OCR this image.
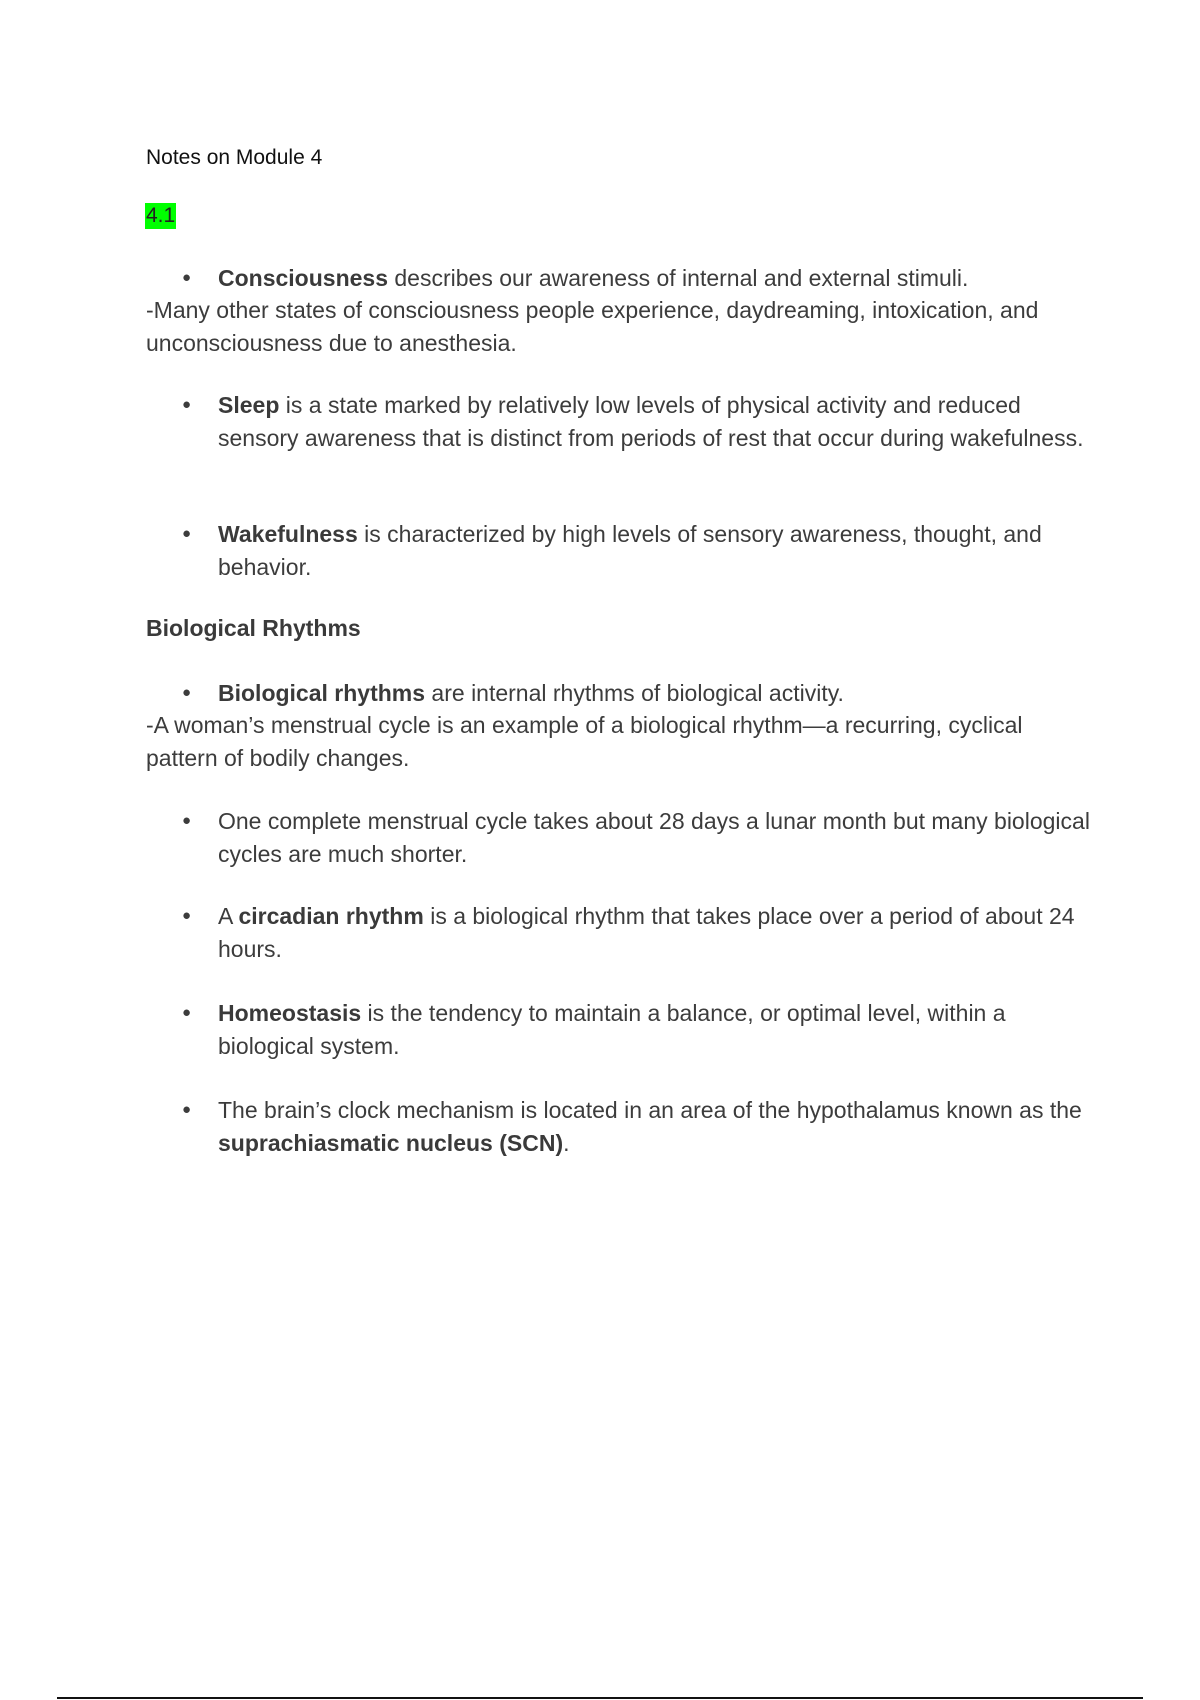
Notes on Module 4
4.1
● Consciousness describes our awareness of internal and external stimuli.
-Many other states of consciousness people experience, daydreaming, intoxication, and unconsciousness due to anesthesia.
● Sleep is a state marked by relatively low levels of physical activity and reduced sensory awareness that is distinct from periods of rest that occur during wakefulness.
● Wakefulness is characterized by high levels of sensory awareness, thought, and behavior.
Biological Rhythms
● Biological rhythms are internal rhythms of biological activity.
-A woman’s menstrual cycle is an example of a biological rhythm—a recurring, cyclical pattern of bodily changes.
● One complete menstrual cycle takes about 28 days a lunar month but many biological cycles are much shorter.
● A circadian rhythm is a biological rhythm that takes place over a period of about 24 hours.
● Homeostasis is the tendency to maintain a balance, or optimal level, within a biological system.
● The brain’s clock mechanism is located in an area of the hypothalamus known as the suprachiasmatic nucleus (SCN).
